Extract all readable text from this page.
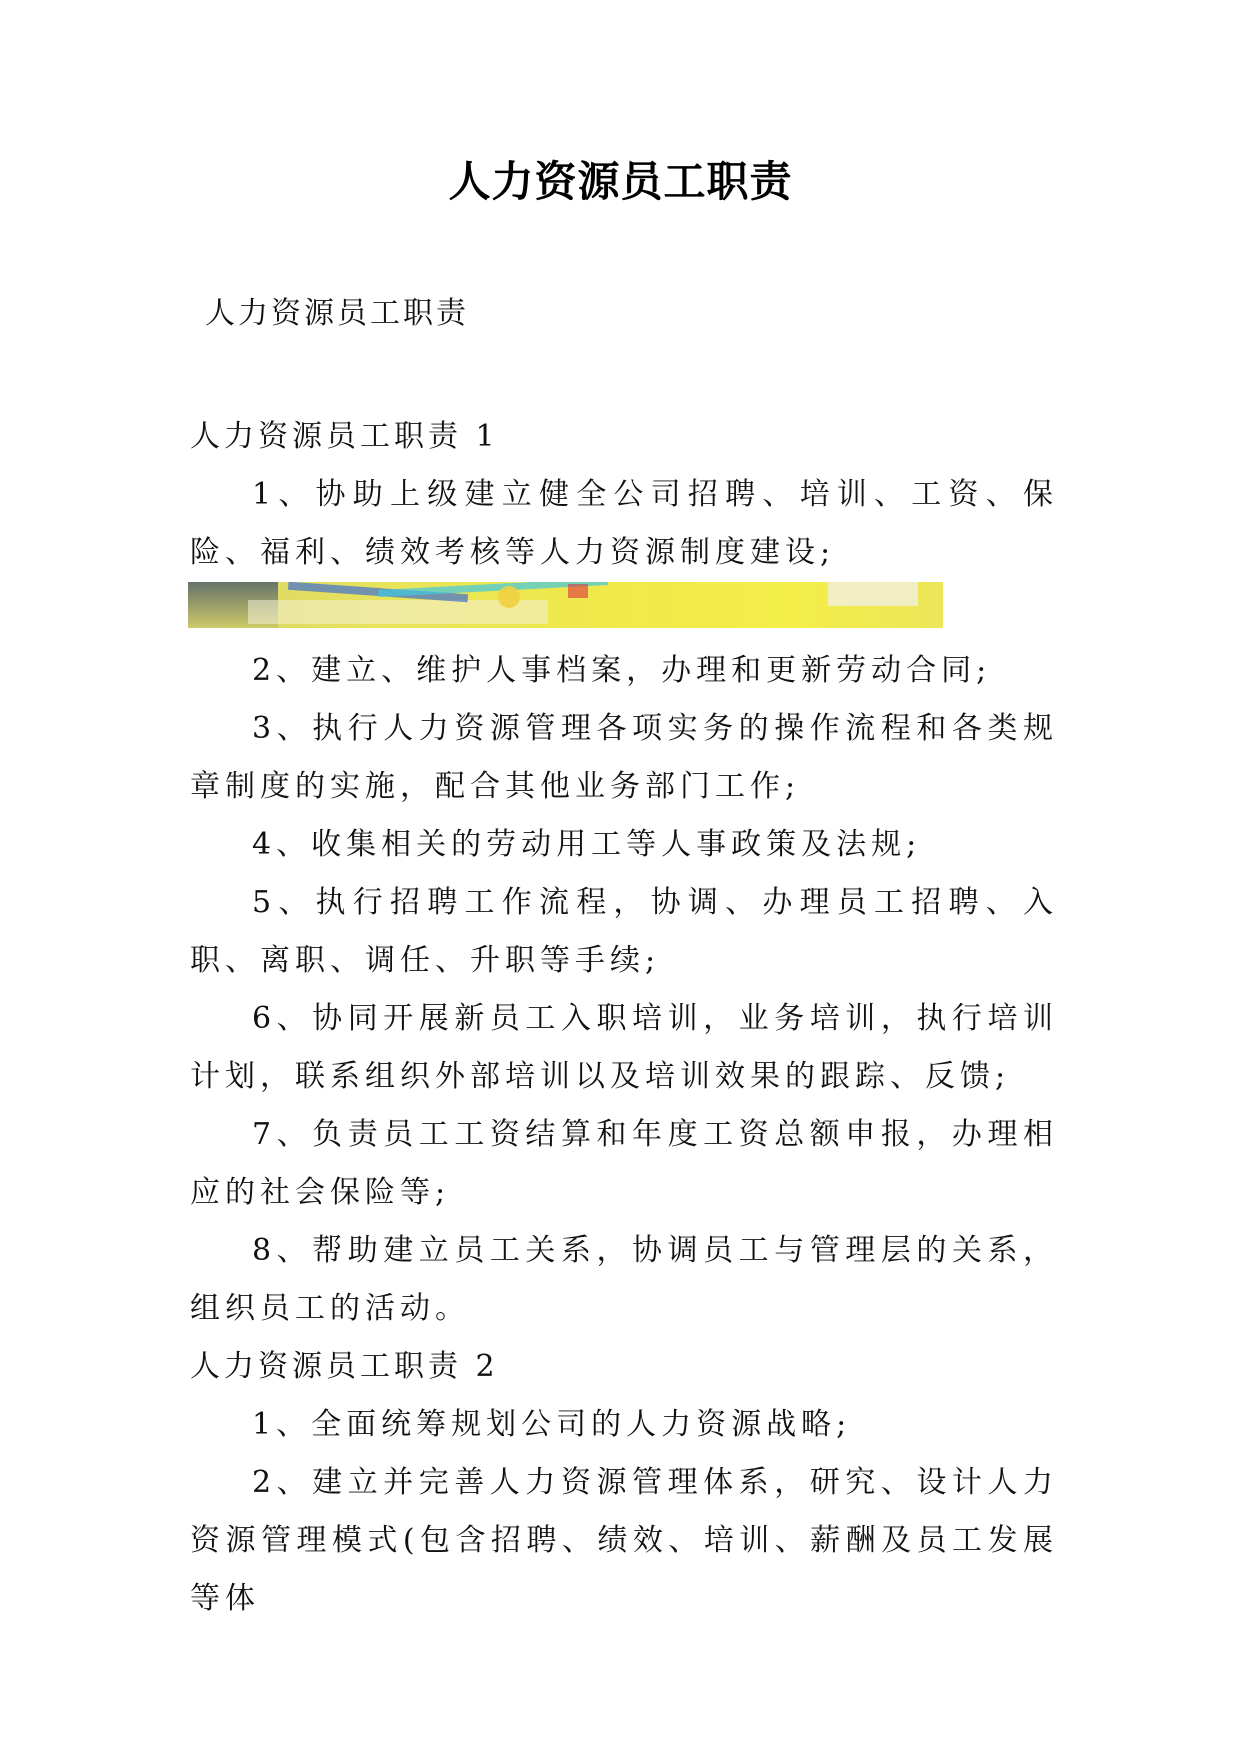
人力资源员工职责
人力资源员工职责
人力资源员工职责 1

1、协助上级建立健全公司招聘、培训、工资、保险、福利、绩效考核等人力资源制度建设;

2、建立、维护人事档案，办理和更新劳动合同;

3、执行人力资源管理各项实务的操作流程和各类规章制度的实施，配合其他业务部门工作;

4、收集相关的劳动用工等人事政策及法规;

5、执行招聘工作流程，协调、办理员工招聘、入职、离职、调任、升职等手续;

6、协同开展新员工入职培训，业务培训，执行培训计划，联系组织外部培训以及培训效果的跟踪、反馈;

7、负责员工工资结算和年度工资总额申报，办理相应的社会保险等;

8、帮助建立员工关系，协调员工与管理层的关系，组织员工的活动。

人力资源员工职责 2

1、全面统筹规划公司的人力资源战略;

2、建立并完善人力资源管理体系，研究、设计人力资源管理模式(包含招聘、绩效、培训、薪酬及员工发展等体
